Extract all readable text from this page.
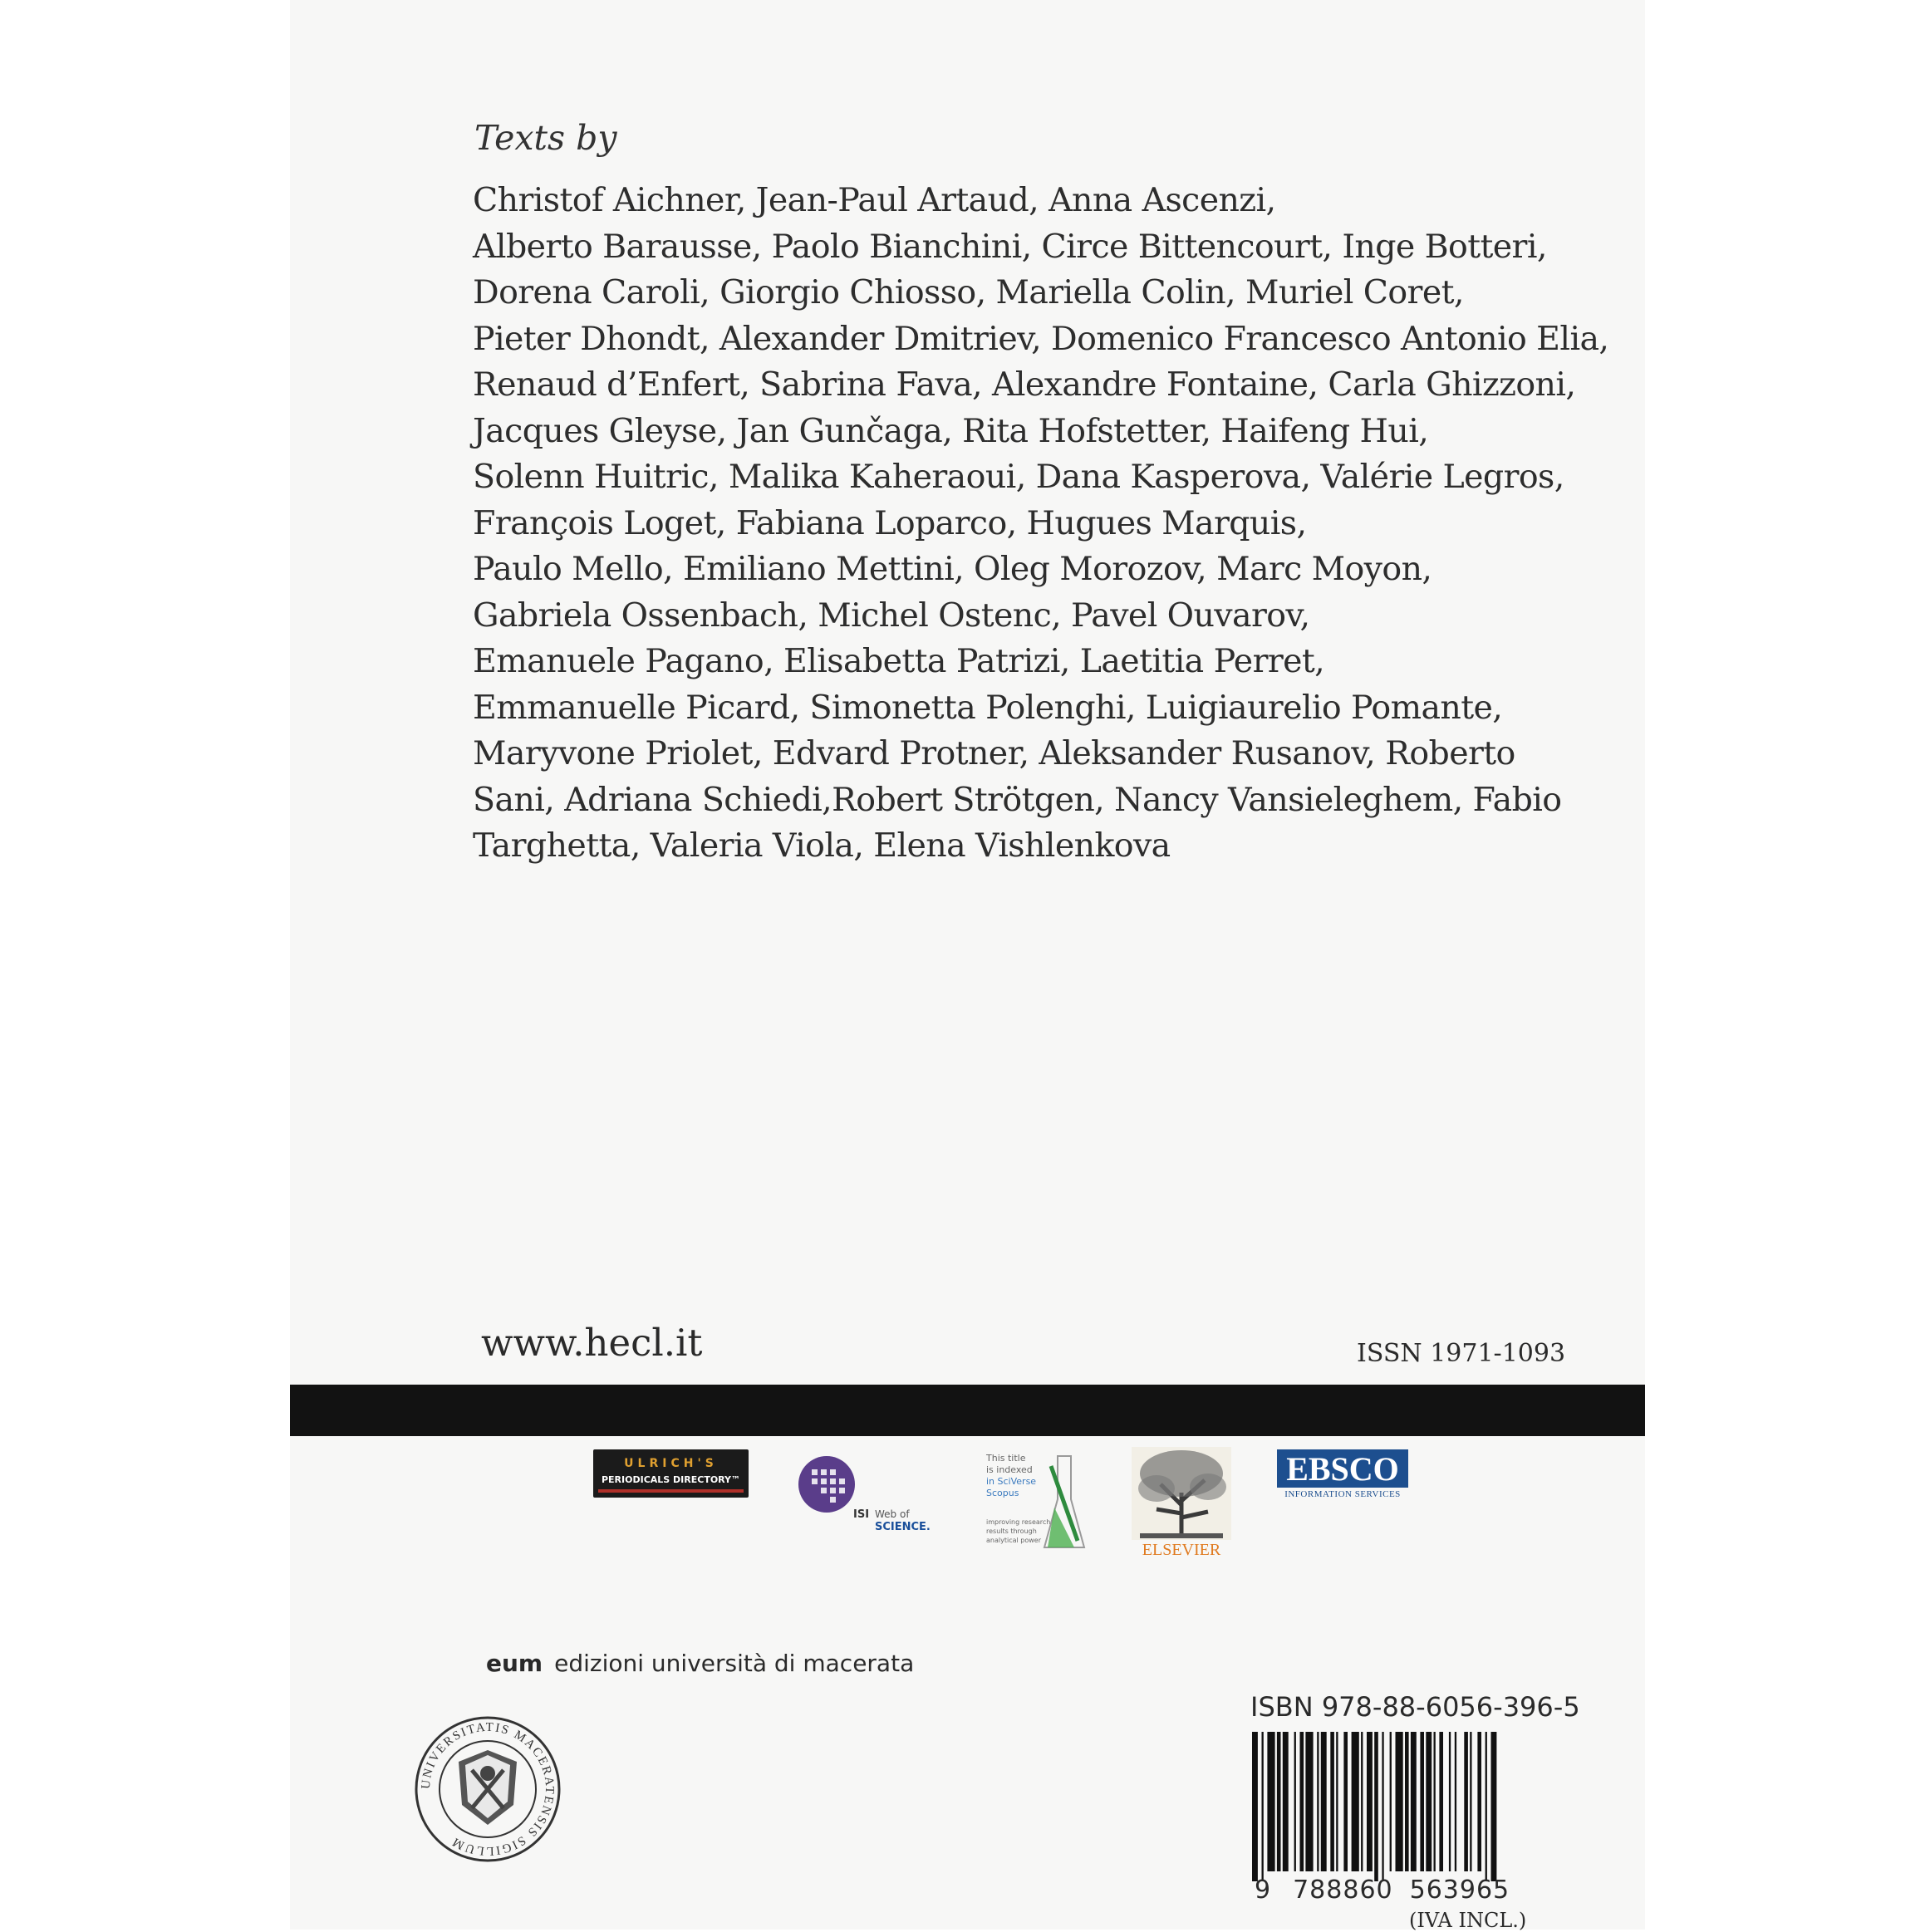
Texts by
Christof Aichner, Jean-Paul Artaud, Anna Ascenzi,
Alberto Barausse, Paolo Bianchini, Circe Bittencourt, Inge Botteri,
Dorena Caroli, Giorgio Chiosso, Mariella Colin, Muriel Coret,
Pieter Dhondt, Alexander Dmitriev, Domenico Francesco Antonio Elia,
Renaud d’Enfert, Sabrina Fava, Alexandre Fontaine, Carla Ghizzoni,
Jacques Gleyse, Jan Gunčaga, Rita Hofstetter, Haifeng Hui,
Solenn Huitric, Malika Kaheraoui, Dana Kasperova, Valérie Legros,
François Loget, Fabiana Loparco, Hugues Marquis,
Paulo Mello, Emiliano Mettini, Oleg Morozov, Marc Moyon,
Gabriela Ossenbach, Michel Ostenc, Pavel Ouvarov,
Emanuele Pagano, Elisabetta Patrizi, Laetitia Perret,
Emmanuelle Picard, Simonetta Polenghi, Luigiaurelio Pomante,
Maryvone Priolet, Edvard Protner, Aleksander Rusanov, Roberto
Sani, Adriana Schiedi,Robert Strötgen, Nancy Vansieleghem, Fabio
Targhetta, Valeria Viola, Elena Vishlenkova
www.hecl.it	ISSN 1971-1093
ULRICH'S
PERIODICALS DIRECTORY™
ISI Web of
SCIENCE.
This title
is indexed
in SciVerse
Scopus
improving research
results through
analytical power
ELSEVIER
EBSCO
INFORMATION SERVICES
eum edizioni università di macerata
UNIVERSITATIS MACERATENSIS SIGILLUM
ISBN 978-88-6056-396-5
9 788860 563965
(IVA INCL.)
